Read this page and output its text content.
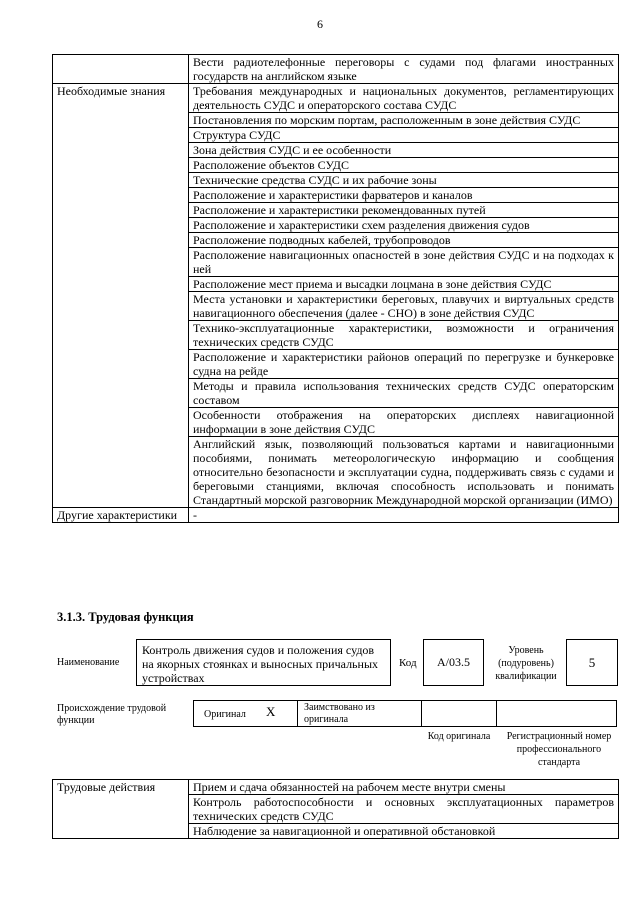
6
	Вести радиотелефонные переговоры с судами под флагами иностранных государств на английском языке
Необходимые знания	Требования международных и национальных документов, регламентирующих деятельность СУДС и операторского состава СУДС
	Постановления по морским портам, расположенным в зоне действия СУДС
	Структура СУДС
	Зона действия СУДС и ее особенности
	Расположение объектов СУДС
	Технические средства СУДС и их рабочие зоны
	Расположение и характеристики фарватеров и каналов
	Расположение и характеристики рекомендованных путей
	Расположение и характеристики схем разделения движения судов
	Расположение подводных кабелей, трубопроводов
	Расположение навигационных опасностей в зоне действия СУДС и на подходах к ней
	Расположение мест приема и высадки лоцмана в зоне действия СУДС
	Места установки и характеристики береговых, плавучих и виртуальных средств навигационного обеспечения (далее - СНО) в зоне действия СУДС
	Технико-эксплуатационные характеристики, возможности и ограничения технических средств СУДС
	Расположение и характеристики районов операций по перегрузке и бункеровке судна на рейде
	Методы и правила использования технических средств СУДС операторским составом
	Особенности отображения на операторских дисплеях навигационной информации в зоне действия СУДС
	Английский язык, позволяющий пользоваться картами и навигационными пособиями, понимать метеорологическую информацию и сообщения относительно безопасности и эксплуатации судна, поддерживать связь с судами и береговыми станциями, включая способность использовать и понимать Стандартный морской разговорник Международной морской организации (ИМО)
Другие характеристики	-
3.1.3. Трудовая функция
Наименование
Контроль движения судов и положения судов на якорных стоянках и выносных причальных устройствах
Код A/03.5
Уровень (подуровень) квалификации
5
Происхождение трудовой функции
Оригинал X	Заимствовано из оригинала
Код оригинала	Регистрационный номер профессионального стандарта
Трудовые действия	Прием и сдача обязанностей на рабочем месте внутри смены
Контроль работоспособности и основных эксплуатационных параметров технических средств СУДС
Наблюдение за навигационной и оперативной обстановкой
